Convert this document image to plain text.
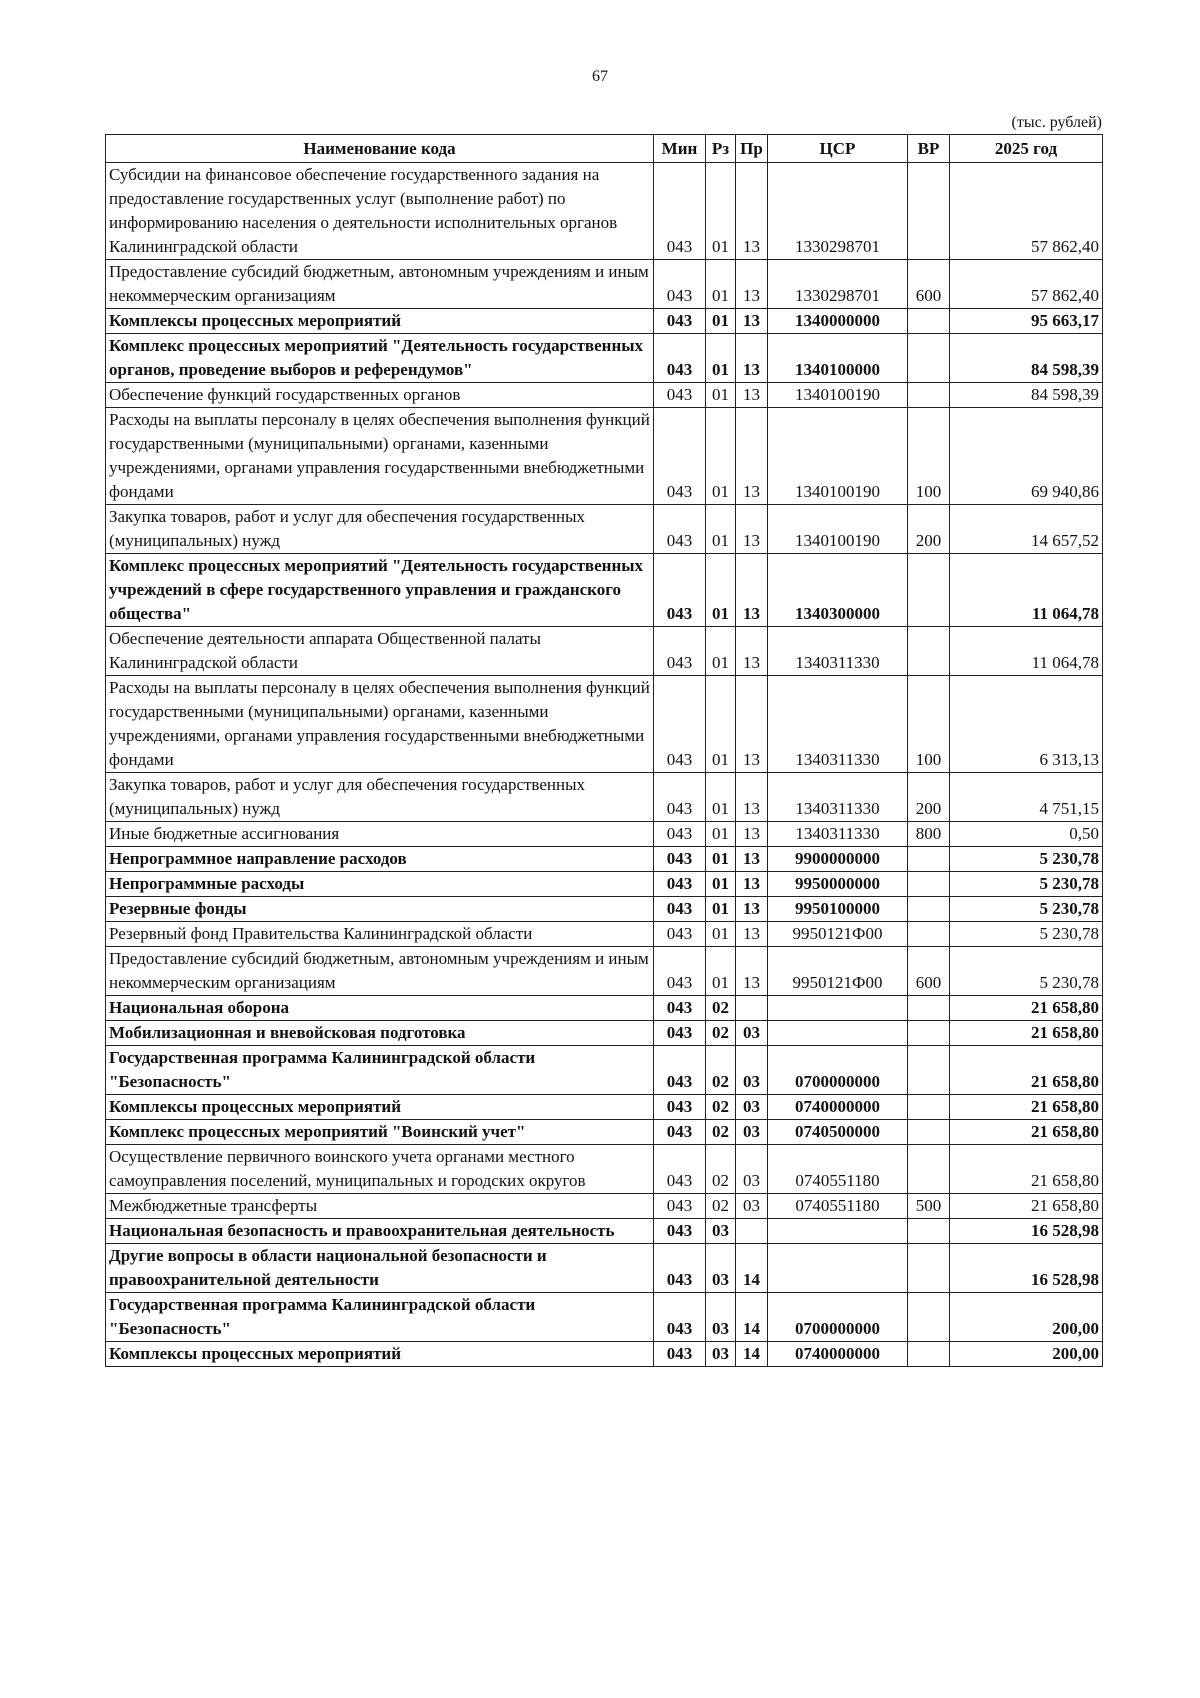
67
(тыс. рублей)
Наименование кода	Мин	Рз	Пр	ЦСР	ВР	2025 год
Субсидии на финансовое обеспечение государственного задания на предоставление государственных услуг (выполнение работ) по информированию населения о деятельности исполнительных органов Калининградской области	043	01	13	1330298701		57 862,40
Предоставление субсидий бюджетным, автономным учреждениям и иным некоммерческим организациям	043	01	13	1330298701	600	57 862,40
Комплексы процессных мероприятий	043	01	13	1340000000		95 663,17
Комплекс процессных мероприятий "Деятельность государственных органов, проведение выборов и референдумов"	043	01	13	1340100000		84 598,39
Обеспечение функций государственных органов	043	01	13	1340100190		84 598,39
Расходы на выплаты персоналу в целях обеспечения выполнения функций государственными (муниципальными) органами, казенными учреждениями, органами управления государственными внебюджетными фондами	043	01	13	1340100190	100	69 940,86
Закупка товаров, работ и услуг для обеспечения государственных (муниципальных) нужд	043	01	13	1340100190	200	14 657,52
Комплекс процессных мероприятий "Деятельность государственных учреждений в сфере государственного управления и гражданского общества"	043	01	13	1340300000		11 064,78
Обеспечение деятельности аппарата Общественной палаты Калининградской области	043	01	13	1340311330		11 064,78
Расходы на выплаты персоналу в целях обеспечения выполнения функций государственными (муниципальными) органами, казенными учреждениями, органами управления государственными внебюджетными фондами	043	01	13	1340311330	100	6 313,13
Закупка товаров, работ и услуг для обеспечения государственных (муниципальных) нужд	043	01	13	1340311330	200	4 751,15
Иные бюджетные ассигнования	043	01	13	1340311330	800	0,50
Непрограммное направление расходов	043	01	13	9900000000		5 230,78
Непрограммные расходы	043	01	13	9950000000		5 230,78
Резервные фонды	043	01	13	9950100000		5 230,78
Резервный фонд Правительства Калининградской области	043	01	13	9950121Ф00		5 230,78
Предоставление субсидий бюджетным, автономным учреждениям и иным некоммерческим организациям	043	01	13	9950121Ф00	600	5 230,78
Национальная оборона	043	02				21 658,80
Мобилизационная и вневойсковая подготовка	043	02	03			21 658,80
Государственная программа Калининградской области "Безопасность"	043	02	03	0700000000		21 658,80
Комплексы процессных мероприятий	043	02	03	0740000000		21 658,80
Комплекс процессных мероприятий "Воинский учет"	043	02	03	0740500000		21 658,80
Осуществление первичного воинского учета органами местного самоуправления поселений, муниципальных и городских округов	043	02	03	0740551180		21 658,80
Межбюджетные трансферты	043	02	03	0740551180	500	21 658,80
Национальная безопасность и правоохранительная деятельность	043	03				16 528,98
Другие вопросы в области национальной безопасности и правоохранительной деятельности	043	03	14			16 528,98
Государственная программа Калининградской области "Безопасность"	043	03	14	0700000000		200,00
Комплексы процессных мероприятий	043	03	14	0740000000		200,00
